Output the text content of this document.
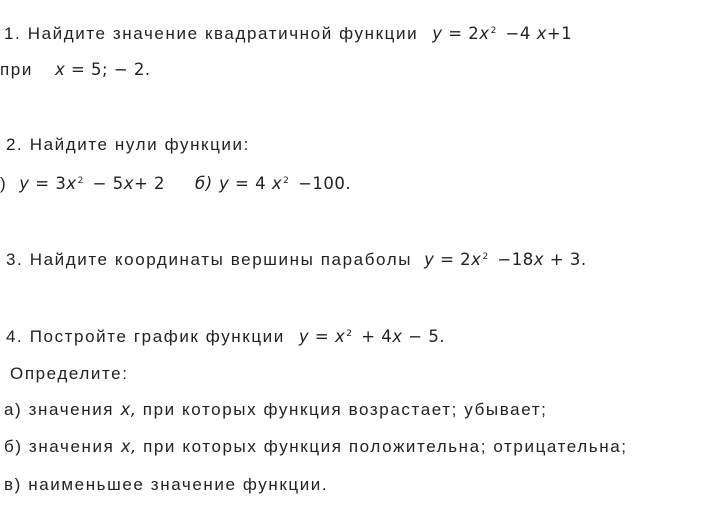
1. Найдите значение квадратичной функции $y = 2x^2 -4$ x+1
при x = 5; − 2.
2. Найдите нули функции:
) $y = 3x^2 - 5x+ 2$ б) y = 4 $x^2 -100$.
3. Найдите координаты вершины параболы $y = 2x^2 -18x + 3$.
4. Постройте график функции $y = x^2 + 4x - 5$.
Определите:
а) значения x, при которых функция возрастает; убывает;
б) значения x, при которых функция положительна; отрицательна;
в) наименьшее значение функции.
